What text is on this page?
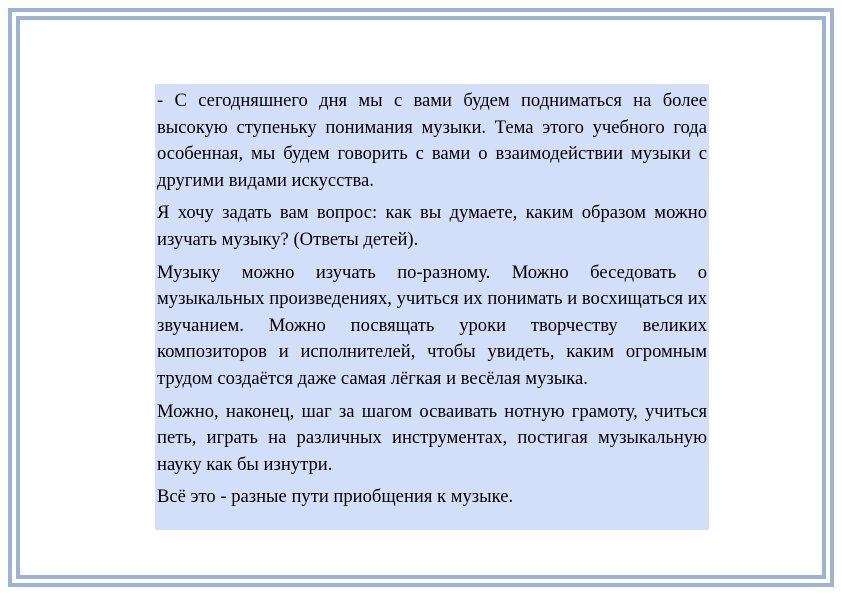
- С сегодняшнего дня мы с вами будем подниматься на более высокую ступеньку понимания музыки. Тема этого учебного года особенная, мы будем говорить с вами о взаимодействии музыки с другими видами искусства.

Я хочу задать вам вопрос: как вы думаете, каким образом можно изучать музыку? (Ответы детей).

Музыку можно изучать по-разному. Можно беседовать о музыкальных произведениях, учиться их понимать и восхищаться их звучанием. Можно посвящать уроки творчеству великих композиторов и исполнителей, чтобы увидеть, каким огромным трудом создаётся даже самая лёгкая и весёлая музыка.

Можно, наконец, шаг за шагом осваивать нотную грамоту, учиться петь, играть на различных инструментах, постигая музыкальную науку как бы изнутри.

Всё это - разные пути приобщения к музыке.
